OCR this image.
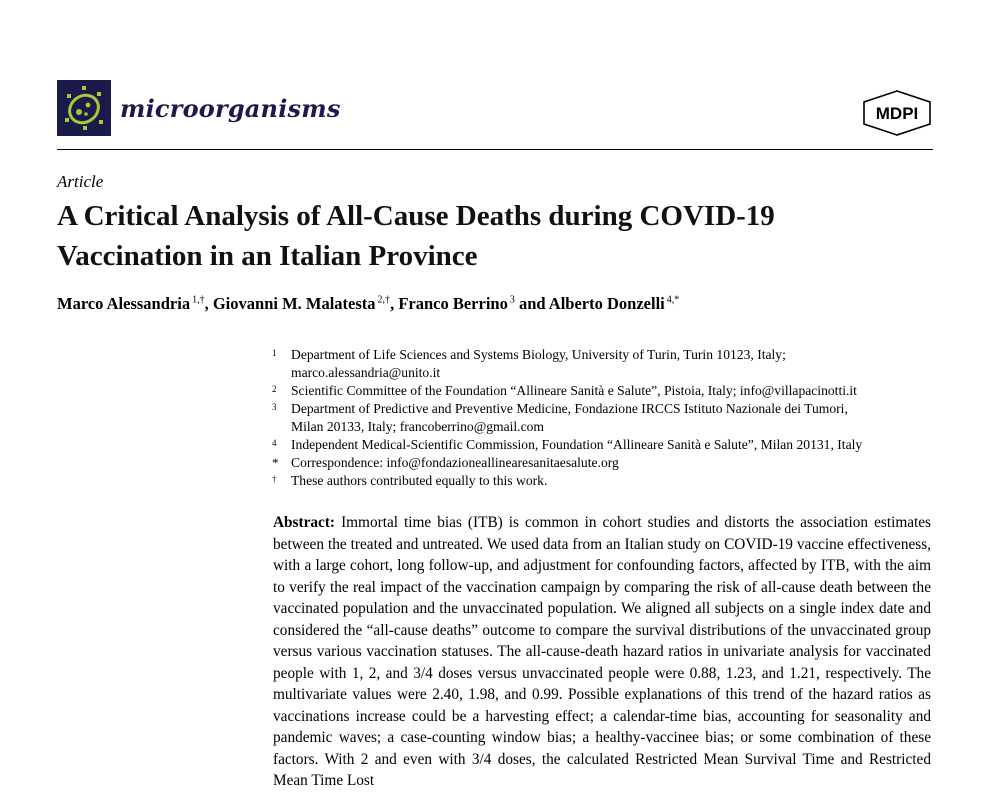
microorganisms	MDPI
Article
A Critical Analysis of All-Cause Deaths during COVID-19 Vaccination in an Italian Province
Marco Alessandria $^{1,\dagger}$, Giovanni M. Malatesta $^{2,\dagger}$, Franco Berrino $^3$ and Alberto Donzelli $^{4,*}$
1 Department of Life Sciences and Systems Biology, University of Turin, Turin 10123, Italy;
marco.alessandria@unito.it
2 Scientific Committee of the Foundation “Allineare Sanità e Salute”, Pistoia, Italy; info@villapacinotti.it
3 Department of Predictive and Preventive Medicine, Fondazione IRCCS Istituto Nazionale dei Tumori,
Milan 20133, Italy; francoberrino@gmail.com
4 Independent Medical-Scientific Commission, Foundation “Allineare Sanità e Salute”, Milan 20131, Italy
* Correspondence: info@fondazioneallinearesanitaesalute.org
† These authors contributed equally to this work.
Abstract: Immortal time bias (ITB) is common in cohort studies and distorts the association estimates between the treated and untreated. We used data from an Italian study on COVID-19 vaccine effectiveness, with a large cohort, long follow-up, and adjustment for confounding factors, affected by ITB, with the aim to verify the real impact of the vaccination campaign by comparing the risk of all-cause death between the vaccinated population and the unvaccinated population. We aligned all subjects on a single index date and considered the “all-cause deaths” outcome to compare the survival distributions of the unvaccinated group versus various vaccination statuses. The all-cause-death hazard ratios in univariate analysis for vaccinated people with 1, 2, and 3/4 doses versus unvaccinated people were 0.88, 1.23, and 1.21, respectively. The multivariate values were 2.40, 1.98, and 0.99. Possible explanations of this trend of the hazard ratios as vaccinations increase could be a harvesting effect; a calendar-time bias, accounting for seasonality and pandemic waves; a case-counting window bias; a healthy-vaccinee bias; or some combination of these factors. With 2 and even with 3/4 doses, the calculated Restricted Mean Survival Time and Restricted Mean Time Lost
